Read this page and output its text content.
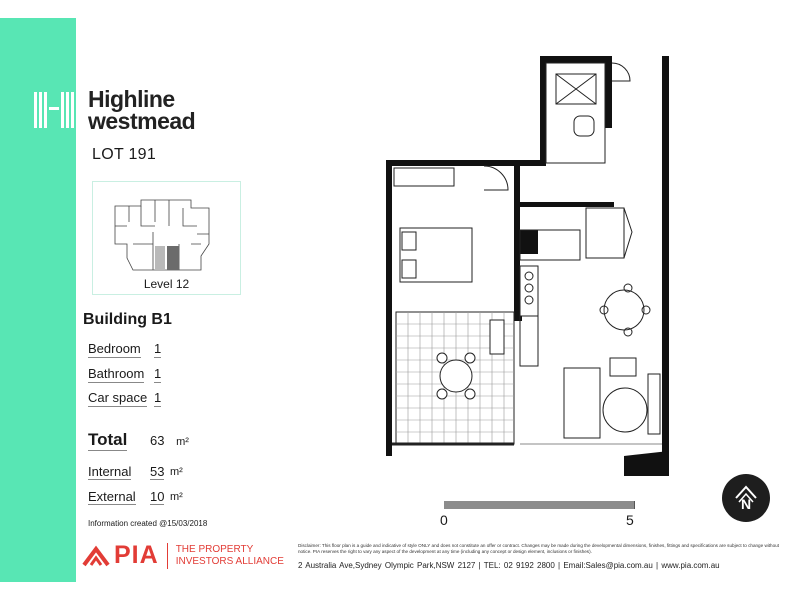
Highline
westmead
LOT 191
Level 12
Building B1
Bedroom 1
Bathroom 1
Car space 1
Total 63 m²
Internal 53 m²
External 10 m²
Information created @15/03/2018	0	5
N
PIA THE PROPERTY
INVESTORS ALLIANCE
Disclaimer: This floor plan is a guide and indicative of style ONLY and does not constitute an offer or contract. Changes may be made during the developmental dimensions, finishes, fittings and specifications are subject to change without notice. PIA reserves the right to vary any aspect of the development at any time (including any concept or design element, inclusions or finishes).
2 Australia Ave,Sydney Olympic Park,NSW 2127 | TEL: 02 9192 2800 | Email:Sales@pia.com.au | www.pia.com.au
